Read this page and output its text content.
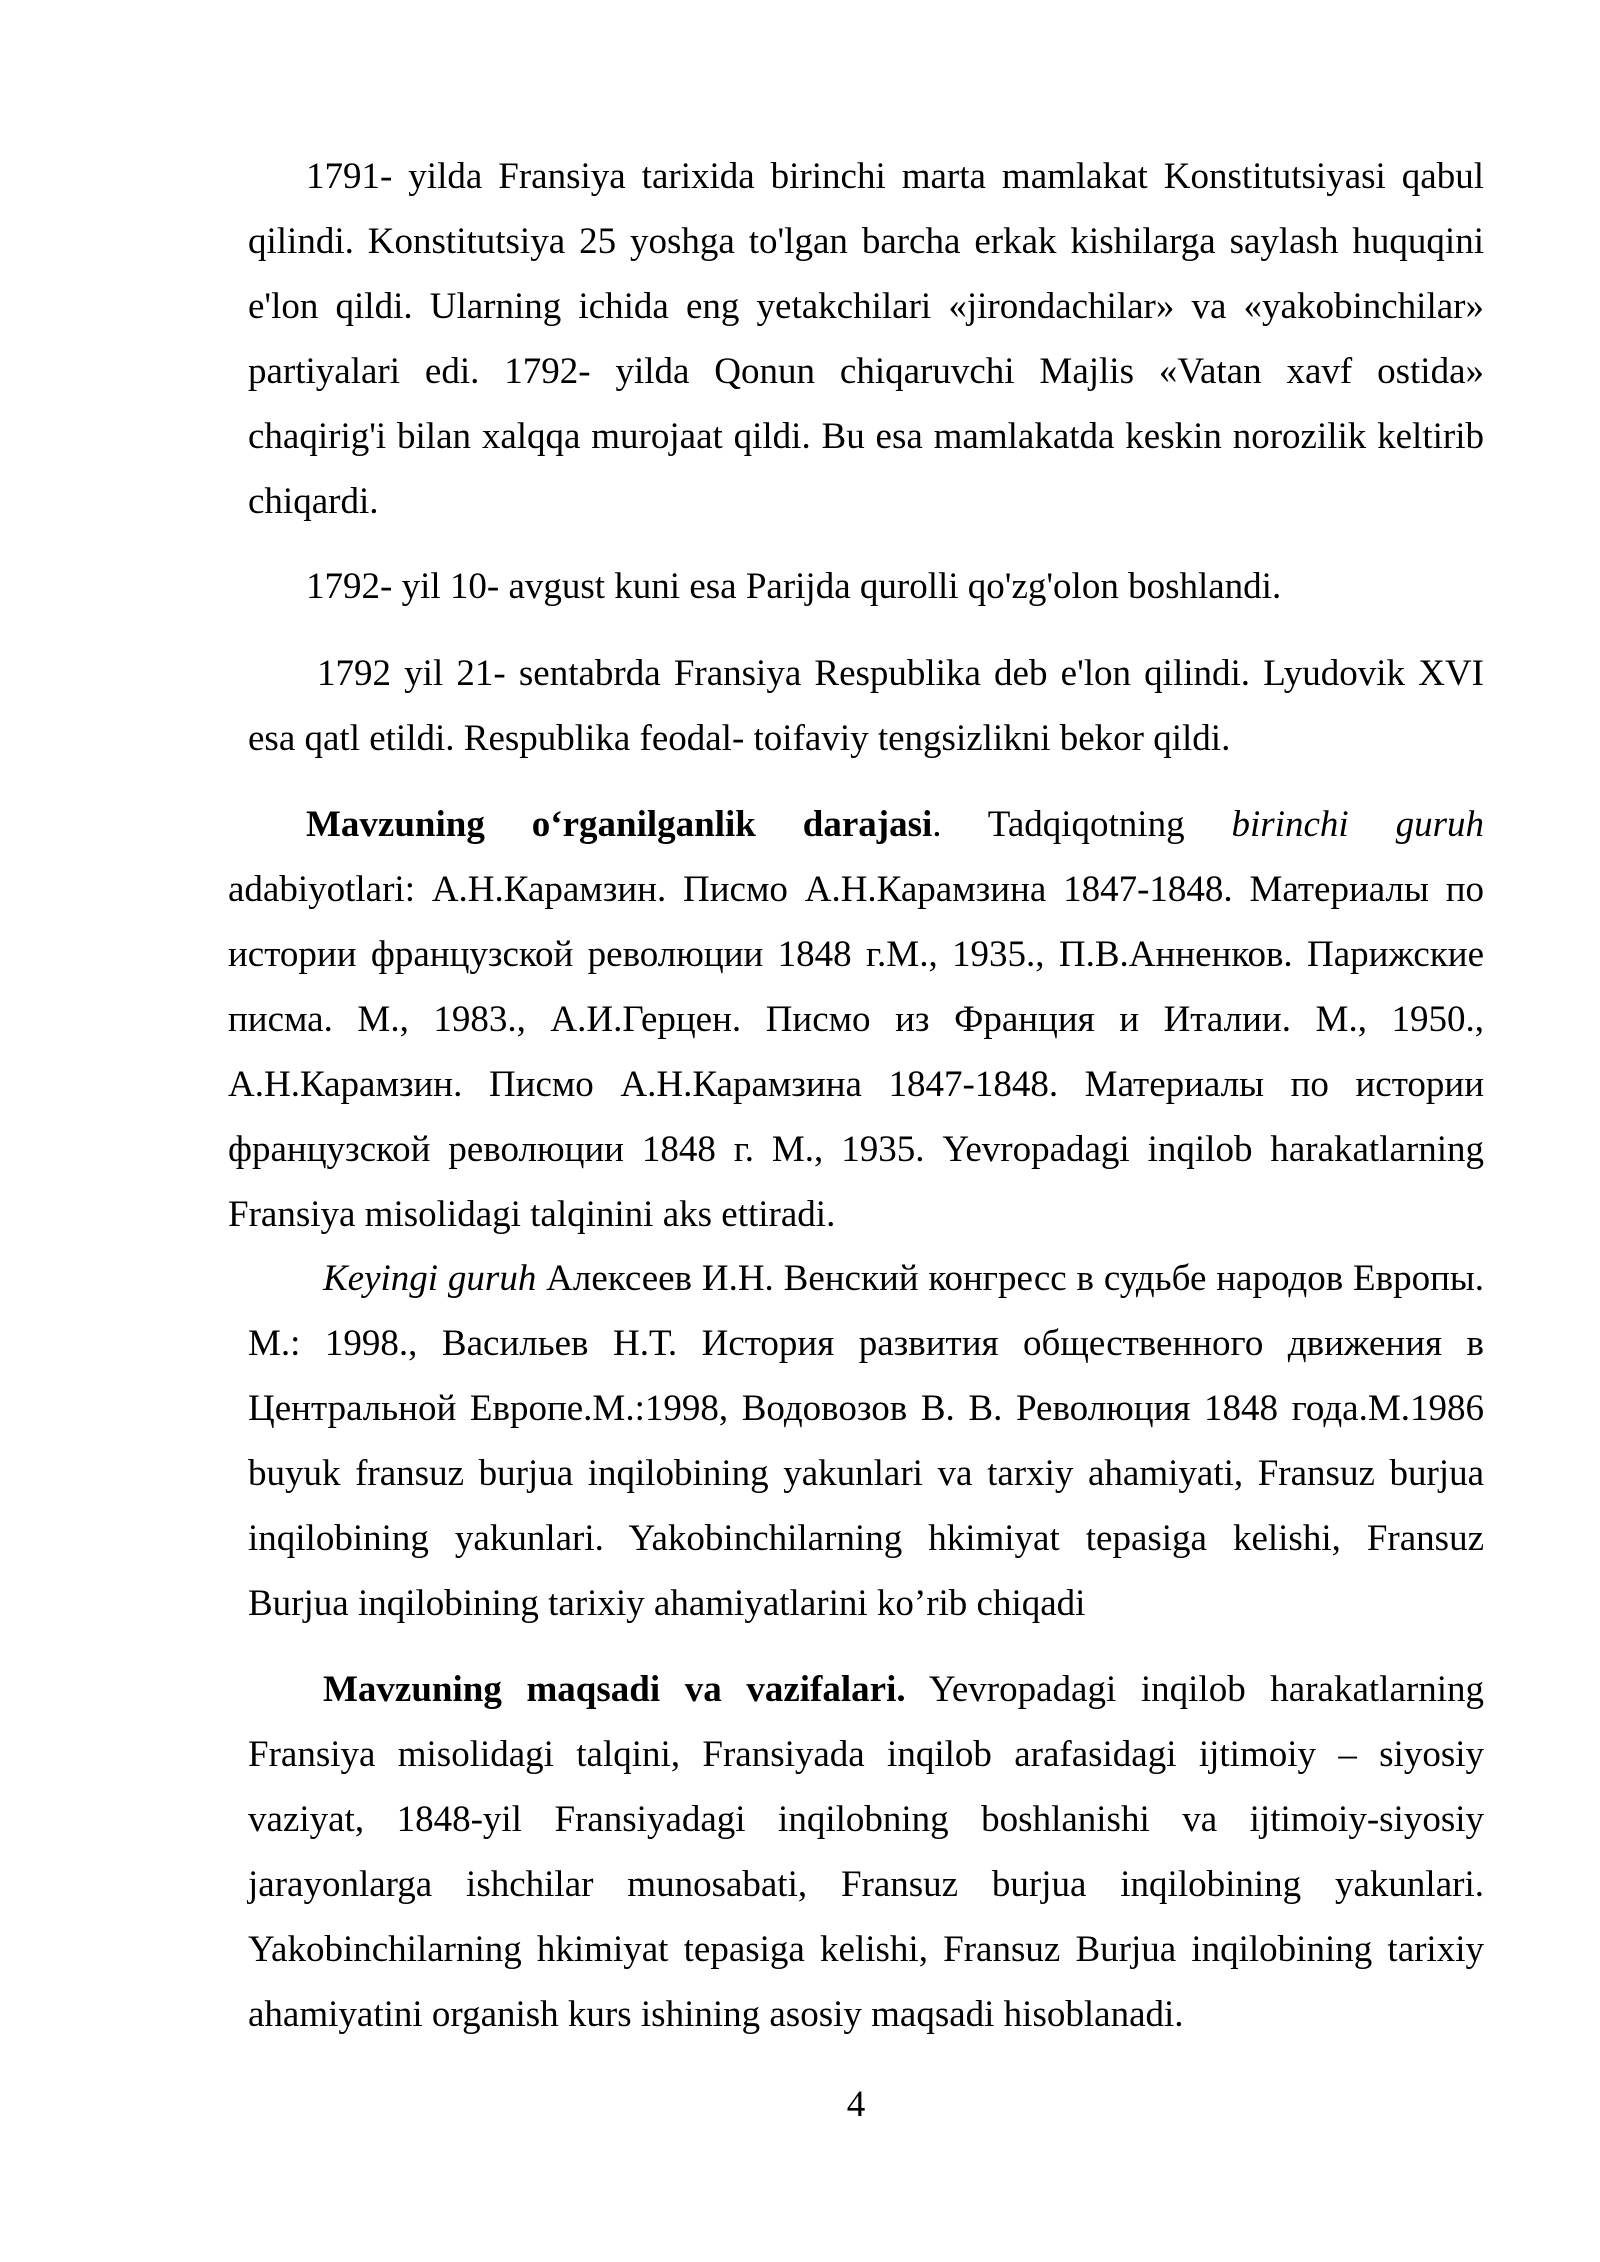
1791- yilda Fransiya tarixida birinchi marta mamlakat Konstitutsiyasi qabul
qilindi. Konstitutsiya 25 yoshga to'lgan barcha erkak kishilarga saylash huquqini
e'lon qildi. Ularning ichida eng yetakchilari «jirondachilar» va «yakobinchilar»
partiyalari edi. 1792- yilda Qonun chiqaruvchi Majlis «Vatan xavf ostida»
chaqirig'i bilan xalqqa murojaat qildi. Bu esa mamlakatda keskin norozilik keltirib
chiqardi.
1792- yil 10- avgust kuni esa Parijda qurolli qo'zg'olon boshlandi.
1792 yil 21- sentabrda Fransiya Respublika deb e'lon qilindi. Lyudovik XVI
esa qatl etildi. Respublika feodal- toifaviy tengsizlikni bekor qildi.
Mavzuning o‘rganilganlik darajasi. Tadqiqotning birinchi guruh
adabiyotlari: А.Н.Карамзин. Писмо А.Н.Карамзина 1847-1848. Материалы по
истории французской революции 1848 г.М., 1935., П.В.Анненков. Парижские
писма. М., 1983., А.И.Герцен. Писмо из Франция и Италии. М., 1950.,
А.Н.Карамзин. Писмо А.Н.Карамзина 1847-1848. Материалы по истории
французской революции 1848 г. М., 1935. Yevropadagi inqilob harakatlarning
Fransiya misolidagi talqinini aks ettiradi.
Keyingi guruh Алексеев И.Н. Венский конгресс в судьбе народов Европы.
М.: 1998., Васильев Н.Т. История развития общественного движения в
Центральной Европе.М.:1998, Водовозов В. В. Революция 1848 года.М.1986
buyuk fransuz burjua inqilobining yakunlari va tarxiy ahamiyati, Fransuz burjua
inqilobining yakunlari. Yakobinchilarning hkimiyat tepasiga kelishi, Fransuz
Burjua inqilobining tarixiy ahamiyatlarini ko’rib chiqadi
Mavzuning maqsadi va vazifalari. Yevropadagi inqilob harakatlarning
Fransiya misolidagi talqini, Fransiyada inqilob arafasidagi ijtimoiy – siyosiy
vaziyat, 1848-yil Fransiyadagi inqilobning boshlanishi va ijtimoiy-siyosiy
jarayonlarga ishchilar munosabati, Fransuz burjua inqilobining yakunlari.
Yakobinchilarning hkimiyat tepasiga kelishi, Fransuz Burjua inqilobining tarixiy
ahamiyatini organish kurs ishining asosiy maqsadi hisoblanadi.
4
